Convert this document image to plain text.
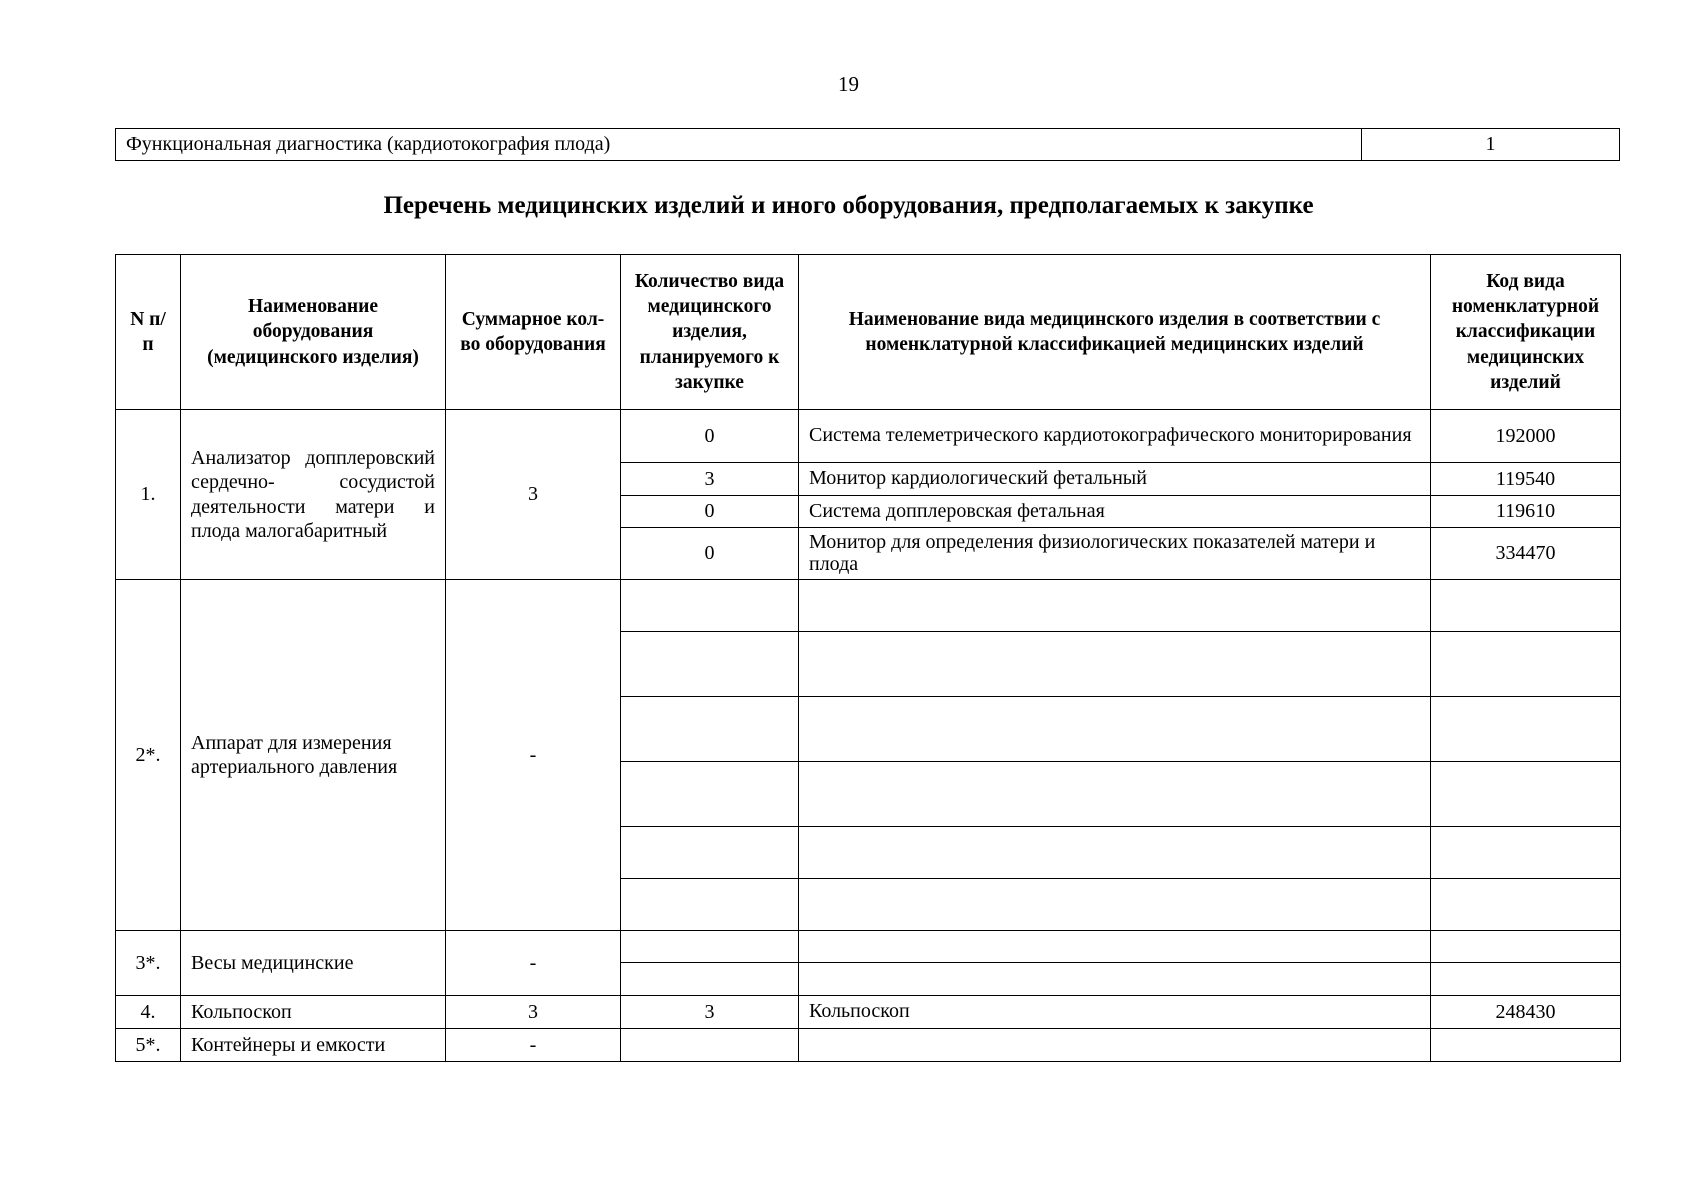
19
Функциональная диагностика (кардиотокография плода)	1
Перечень медицинских изделий и иного оборудования, предполагаемых к закупке
N п/п	Наименование оборудования (медицинского изделия)	Суммарное кол-во оборудования	Количество вида медицинского изделия, планируемого к закупке	Наименование вида медицинского изделия в соответствии с номенклатурной классификацией медицинских изделий	Код вида номенклатурной классификации медицинских изделий
1.	Анализатор допплеровский сердечно- сосудистой деятельности матери и плода малогабаритный	3	0	Система телеметрического кардиотокографического мониторирования	192000
			3	Монитор кардиологический фетальный	119540
			0	Система допплеровская фетальная	119610
			0	Монитор для определения физиологических показателей матери и плода	334470
2*.	Аппарат для измерения артериального давления	-			

3*.	Весы медицинские	-			

4.	Кольпоскоп	3	3	Кольпоскоп	248430
5*.	Контейнеры и емкости	-			
